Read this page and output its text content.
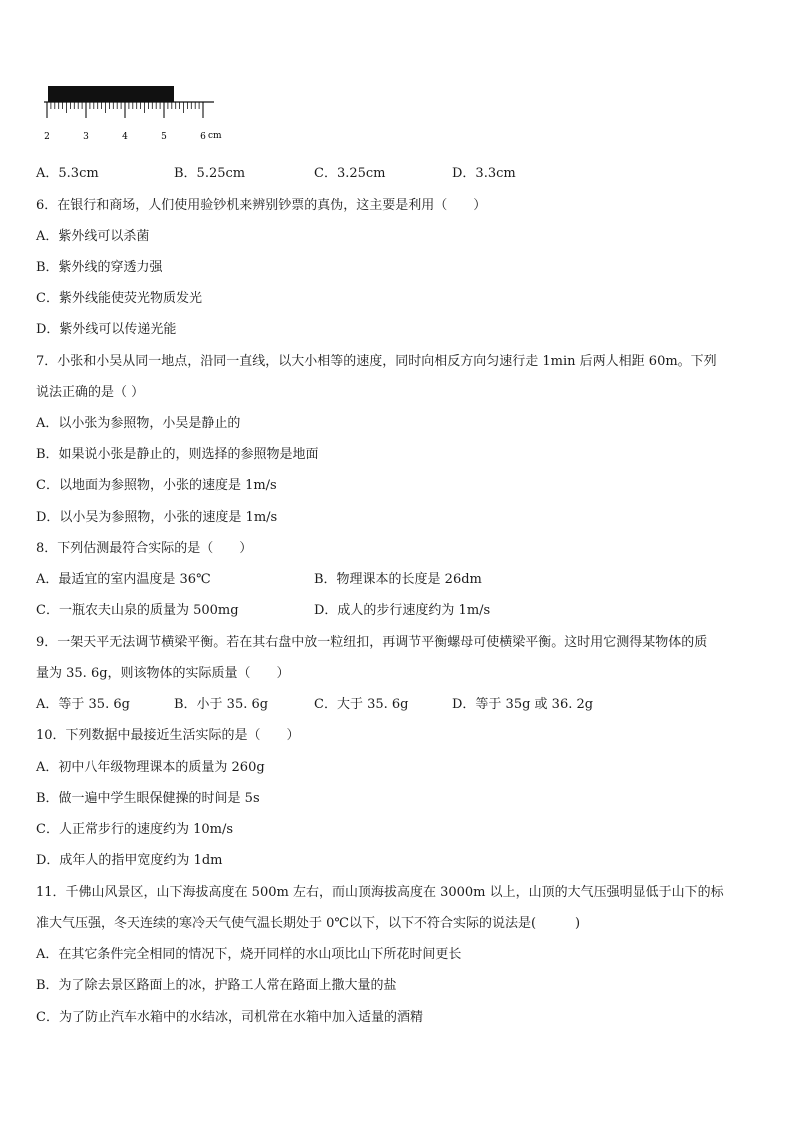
2	3	4	5	6 cm
A．5.3cm	B．5.25cm	C．3.25cm	D．3.3cm
6．在银行和商场，人们使用验钞机来辨别钞票的真伪，这主要是利用（　　）
A．紫外线可以杀菌
B．紫外线的穿透力强
C．紫外线能使荧光物质发光
D．紫外线可以传递光能
7．小张和小吴从同一地点，沿同一直线，以大小相等的速度，同时向相反方向匀速行走 1min 后两人相距 60m。下列
说法正确的是（ ）
A．以小张为参照物，小吴是静止的
B．如果说小张是静止的，则选择的参照物是地面
C．以地面为参照物，小张的速度是 1m/s
D．以小吴为参照物，小张的速度是 1m/s
8．下列估测最符合实际的是（　　）
A．最适宜的室内温度是 36℃	B．物理课本的长度是 26dm
C．一瓶农夫山泉的质量为 500mg	D．成人的步行速度约为 1m/s
9．一架天平无法调节横梁平衡。若在其右盘中放一粒纽扣，再调节平衡螺母可使横梁平衡。这时用它测得某物体的质
量为 35. 6g，则该物体的实际质量（　　）
A．等于 35. 6g	B．小于 35. 6g	C．大于 35. 6g	D．等于 35g 或 36. 2g
10．下列数据中最接近生活实际的是（　　）
A．初中八年级物理课本的质量为 260g
B．做一遍中学生眼保健操的时间是 5s
C．人正常步行的速度约为 10m/s
D．成年人的指甲宽度约为 1dm
11．千佛山风景区，山下海拔高度在 500m 左右，而山顶海拔高度在 3000m 以上，山顶的大气压强明显低于山下的标
准大气压强，冬天连续的寒冷天气使气温长期处于 0℃以下，以下不符合实际的说法是(　　　)
A．在其它条件完全相同的情况下，烧开同样的水山项比山下所花时间更长
B．为了除去景区路面上的冰，护路工人常在路面上撒大量的盐
C．为了防止汽车水箱中的水结冰，司机常在水箱中加入适量的酒精
